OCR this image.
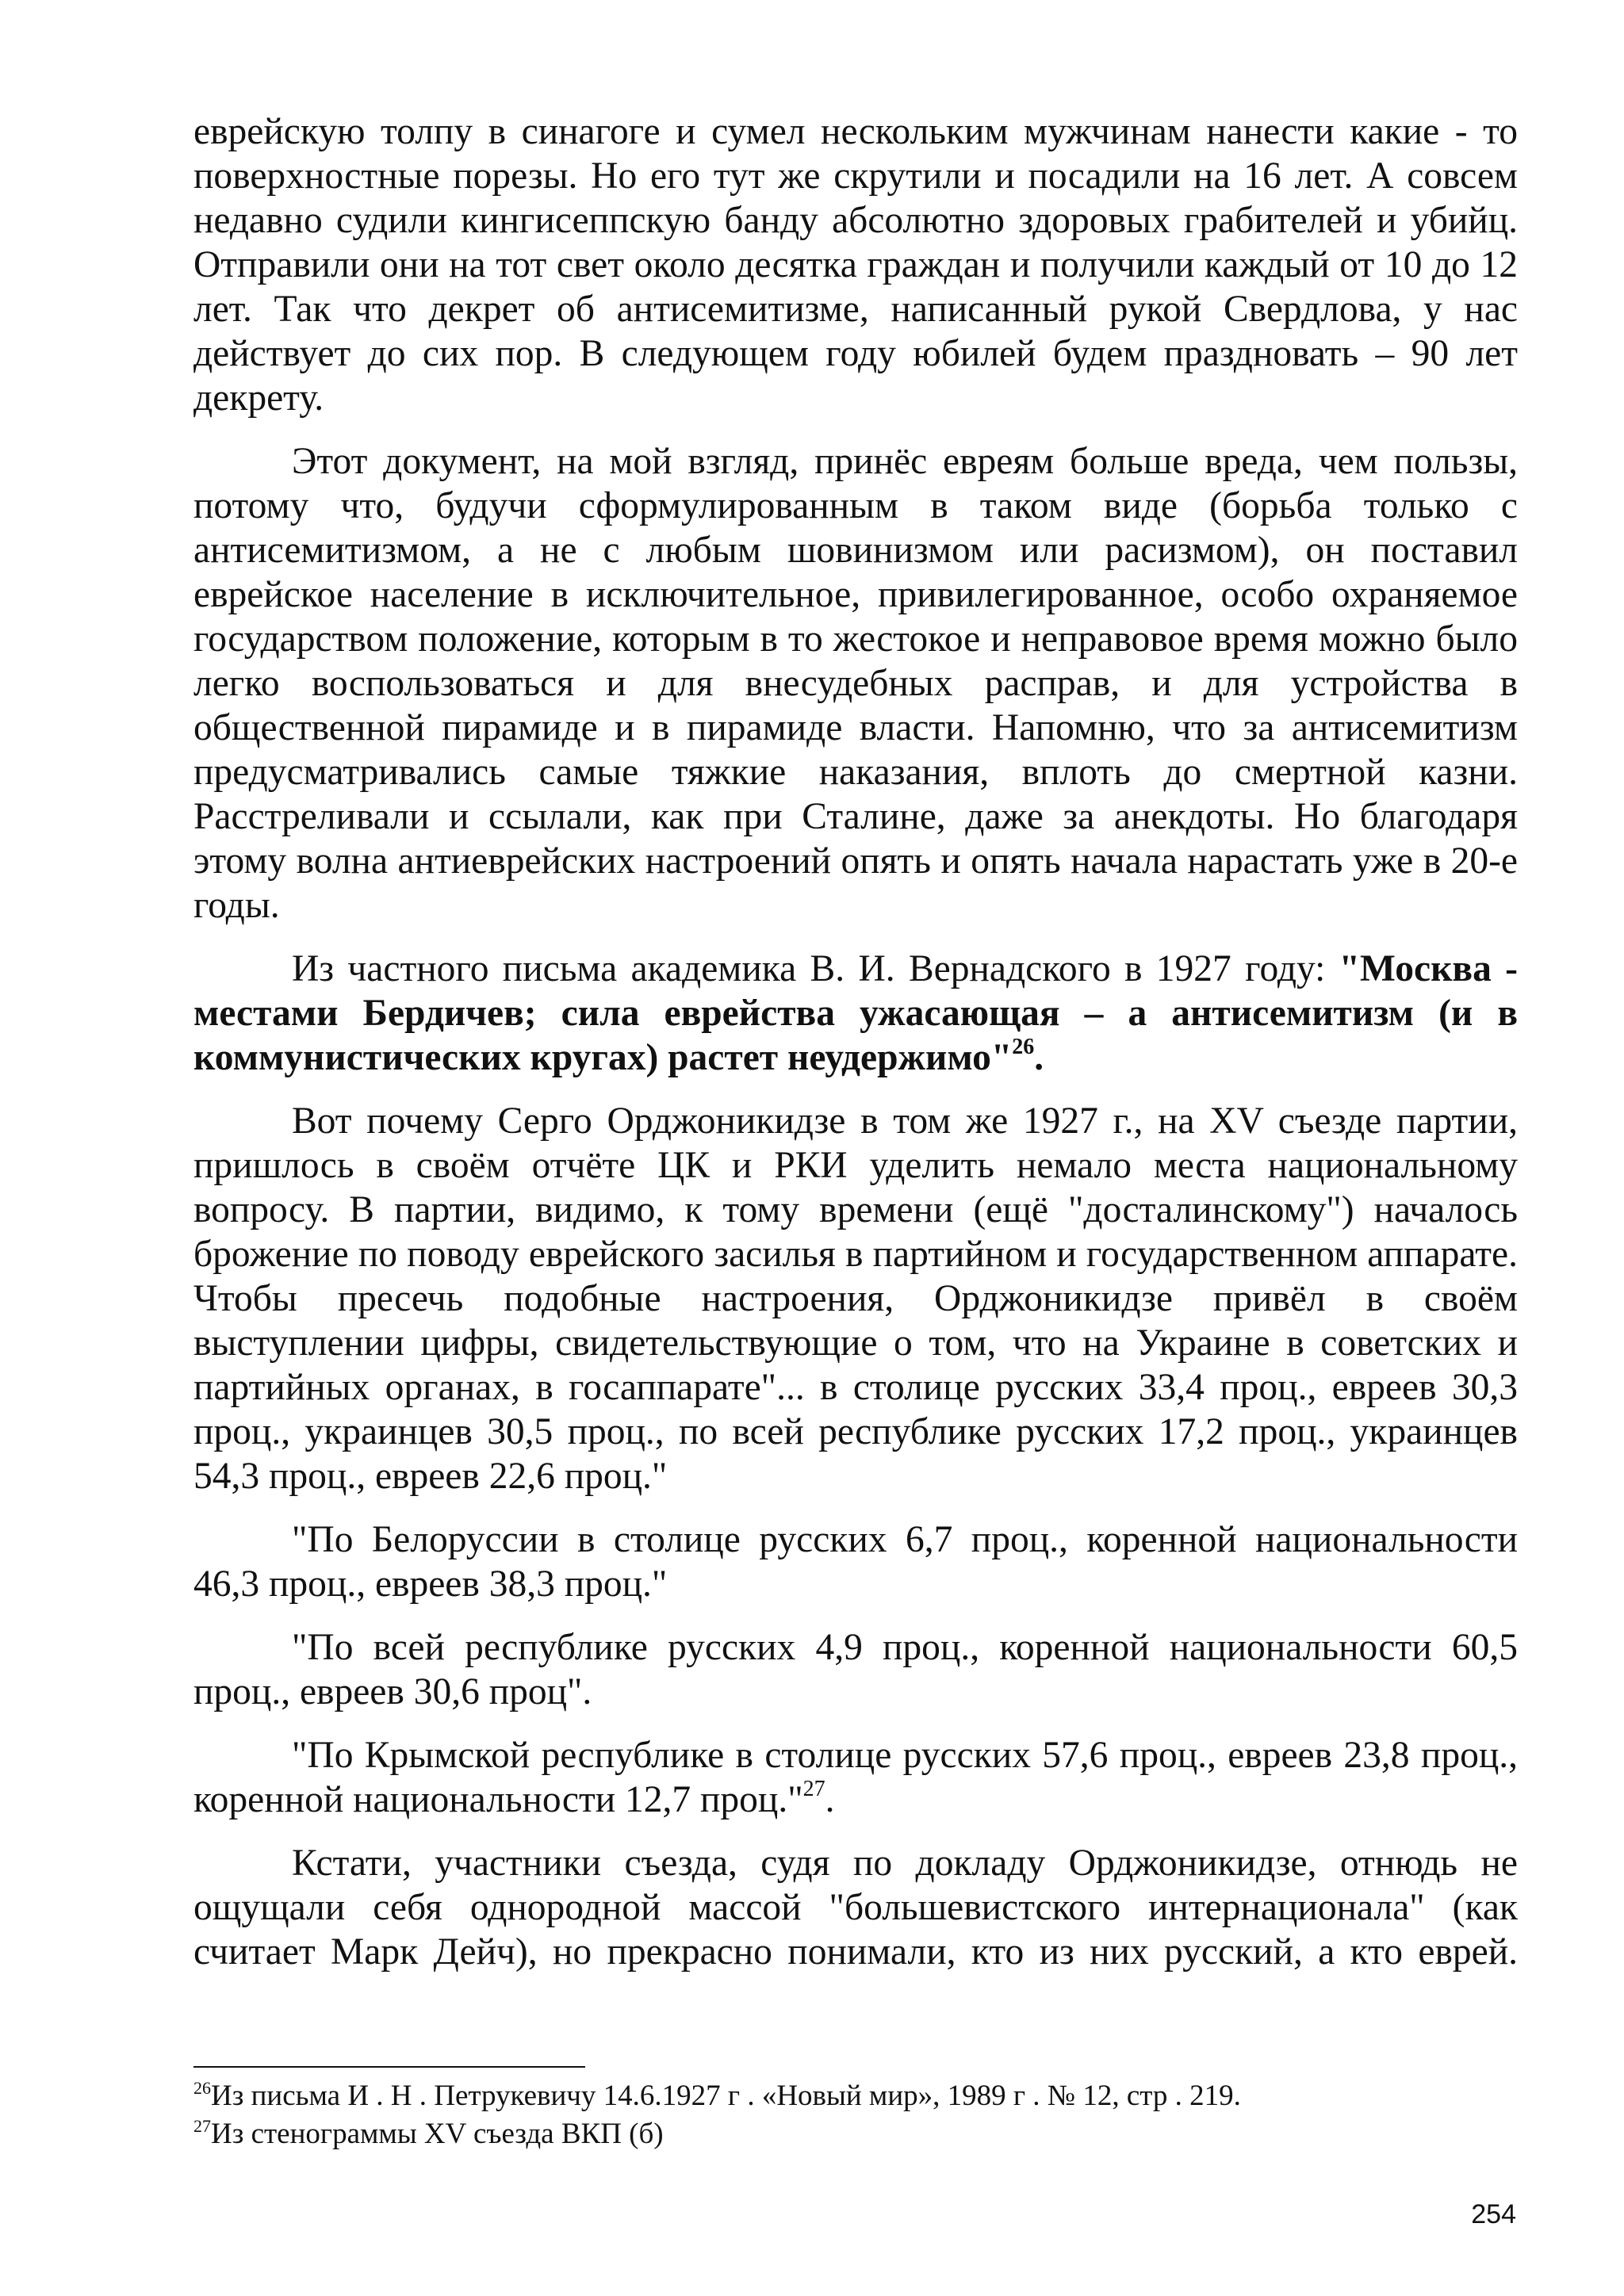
еврейскую толпу в синагоге и сумел нескольким мужчинам нанести какие - то поверхностные порезы. Но его тут же скрутили и посадили на 16 лет. А совсем недавно судили кингисеппскую банду абсолютно здоровых грабителей и убийц. Отправили они на тот свет около десятка граждан и получили каждый от 10 до 12 лет. Так что декрет об антисемитизме, написанный рукой Свердлова, у нас действует до сих пор. В следующем году юбилей будем праздновать – 90 лет декрету.

Этот документ, на мой взгляд, принёс евреям больше вреда, чем пользы, потому что, будучи сформулированным в таком виде (борьба только с антисемитизмом, а не с любым шовинизмом или расизмом), он поставил еврейское население в исключительное, привилегированное, особо охраняемое государством положение, которым в то жестокое и неправовое время можно было легко воспользоваться и для внесудебных расправ, и для устройства в общественной пирамиде и в пирамиде власти. Напомню, что за антисемитизм предусматривались самые тяжкие наказания, вплоть до смертной казни. Расстреливали и ссылали, как при Сталине, даже за анекдоты. Но благодаря этому волна антиеврейских настроений опять и опять начала нарастать уже в 20-е годы.

Из частного письма академика В. И. Вернадского в 1927 году: "Москва - местами Бердичев; сила еврейства ужасающая – а антисемитизм (и в коммунистических кругах) растет неудержимо"$^{26}$.

Вот почему Серго Орджоникидзе в том же 1927 г., на XV съезде партии, пришлось в своём отчёте ЦК и РКИ уделить немало места национальному вопросу. В партии, видимо, к тому времени (ещё "досталинскому") началось брожение по поводу еврейского засилья в партийном и государственном аппарате. Чтобы пресечь подобные настроения, Орджоникидзе привёл в своём выступлении цифры, свидетельствующие о том, что на Украине в советских и партийных органах, в госаппарате"... в столице русских 33,4 проц., евреев 30,3 проц., украинцев 30,5 проц., по всей республике русских 17,2 проц., украинцев 54,3 проц., евреев 22,6 проц."

"По Белоруссии в столице русских 6,7 проц., коренной национальности 46,3 проц., евреев 38,3 проц."

"По всей республике русских 4,9 проц., коренной национальности 60,5 проц., евреев 30,6 проц".

"По Крымской республике в столице русских 57,6 проц., евреев 23,8 проц., коренной национальности 12,7 проц."$^{27}$.

Кстати, участники съезда, судя по докладу Орджоникидзе, отнюдь не ощущали себя однородной массой "большевистского интернационала" (как считает Марк Дейч), но прекрасно понимали, кто из них русский, а кто еврей.

$^{26}$Из письма И . Н . Петрукевичу 14.6.1927 г . «Новый мир», 1989 г . № 12, стр . 219.

$^{27}$Из стенограммы XV съезда ВКП (б)

254
